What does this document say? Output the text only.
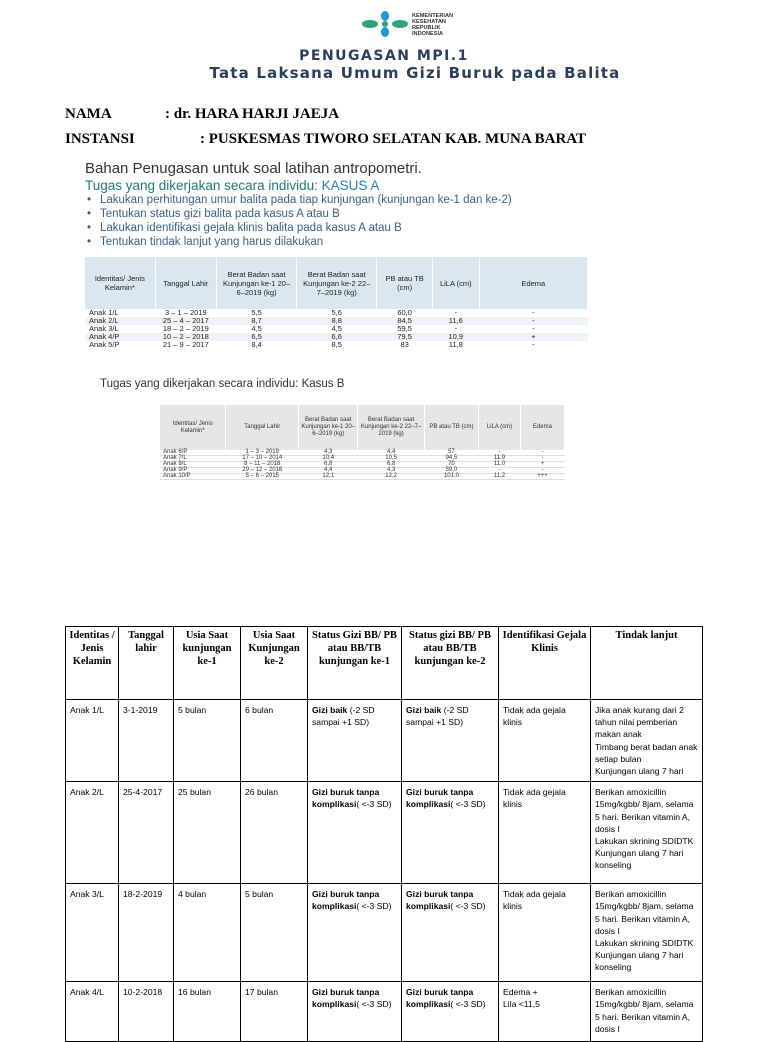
KEMENTERIAN
KESEHATAN
REPUBLIK
INDONESIA
PENUGASAN MPI.1
Tata Laksana Umum Gizi Buruk pada Balita
NAMA	: dr. HARA HARJI JAEJA
INSTANSI	: PUSKESMAS TIWORO SELATAN KAB. MUNA BARAT
Bahan Penugasan untuk soal latihan antropometri.
Tugas yang dikerjakan secara individu: KASUS A
• Lakukan perhitungan umur balita pada tiap kunjungan (kunjungan ke-1 dan ke-2)
• Tentukan status gizi balita pada kasus A atau B
• Lakukan identifikasi gejala klinis balita pada kasus A atau B
• Tentukan tindak lanjut yang harus dilakukan
Identitas/ Jenis Kelamin*	Tanggal Lahir	Berat Badan saat Kunjungan ke-1 20–6–2019 (kg)	Berat Badan saat Kunjungan ke-2 22–7–2019 (kg)	PB atau TB (cm)	LiLA (cm)	Edema
Anak 1/L	3 – 1 – 2019	5,5	5,6	60,0	-	-
Anak 2/L	25 – 4 – 2017	8,7	8,8	84,5	11,6	-
Anak 3/L	18 – 2 – 2019	4,5	4,5	59,5	-	-
Anak 4/P	10 – 2 – 2018	6,5	6,6	79,5	10,9	+
Anak 5/P	21 – 9 – 2017	8,4	8,5	83	11,8	-
Tugas yang dikerjakan secara individu: Kasus B
Identitas/ Jenis Kelamin*	Tanggal Lahir	Berat Badan saat Kunjungan ke-1 20–6–2019 (kg)	Berat Badan saat Kunjungan ke-2 22–7–2019 (kg)	PB atau TB (cm)	LiLA (cm)	Edema
Anak 6/P	1 – 3 – 2019	4,3	4,4	57	-	-
Anak 7/L	17 – 10 – 2014	10,4	10,5	94,5	11,9	-
Anak 8/L	8 – 11 – 2018	6,8	6,8	70	11,0	+
Anak 9/P	29 – 12 – 2018	4,4	4,3	59,0	-	-
Anak 10/P	5 – 6 – 2015	12,1	12,2	101,0	11,2	+++
Identitas / Jenis Kelamin	Tanggal lahir	Usia Saat kunjungan ke-1	Usia Saat Kunjungan ke-2	Status Gizi BB/ PB atau BB/TB kunjungan ke-1	Status gizi BB/ PB atau BB/TB kunjungan ke-2	Identifikasi Gejala Klinis	Tindak lanjut
Anak 1/L	3-1-2019	5 bulan	6 bulan	Gizi baik (-2 SD sampai +1 SD)	Gizi baik (-2 SD sampai +1 SD)	Tidak ada gejala klinis	Jika anak kurang dari 2 tahun nilai pemberian makan anak
Timbang berat badan anak setiap bulan
Kunjungan ulang 7 hari
Anak 2/L	25-4-2017	25 bulan	26 bulan	Gizi buruk tanpa komplikasi( <-3 SD)	Gizi buruk tanpa komplikasi( <-3 SD)	Tidak ada gejala klinis	Berikan amoxicillin 15mg/kgbb/ 8jam, selama 5 hari. Berikan vitamin A, dosis I
Lakukan skrining SDIDTK
Kunjungan ulang 7 hari konseling
Anak 3/L	18-2-2019	4 bulan	5 bulan	Gizi buruk tanpa komplikasi( <-3 SD)	Gizi buruk tanpa komplikasi( <-3 SD)	Tidak ada gejala klinis	Berikan amoxicillin 15mg/kgbb/ 8jam, selama 5 hari. Berikan vitamin A, dosis I
Lakukan skrining SDIDTK
Kunjungan ulang 7 hari konseling
Anak 4/L	10-2-2018	16 bulan	17 bulan	Gizi buruk tanpa komplikasi( <-3 SD)	Gizi buruk tanpa komplikasi( <-3 SD)	Edema +
Lila <11,5	Berikan amoxicillin 15mg/kgbb/ 8jam, selama 5 hari. Berikan vitamin A, dosis I
